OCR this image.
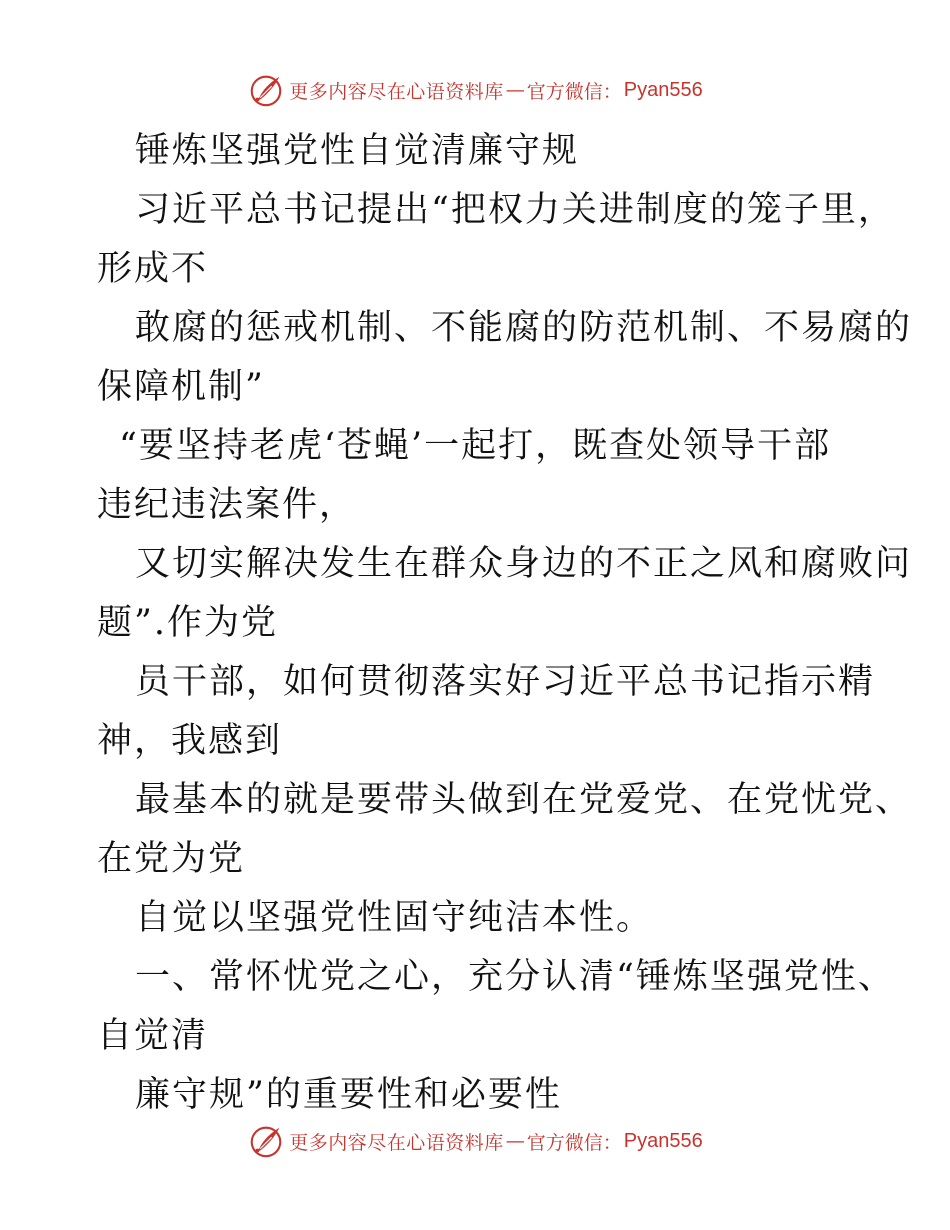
更多内容尽在心语资料库 — 官方微信： Pyan556
锤炼坚强党性自觉清廉守规
习近平总书记提出“把权力关进制度的笼子里，
形成不
敢腐的惩戒机制、不能腐的防范机制、不易腐的
保障机制”
“要坚持老虎‘苍蝇’一起打，既查处领导干部
违纪违法案件，
又切实解决发生在群众身边的不正之风和腐败问
题”.作为党
员干部，如何贯彻落实好习近平总书记指示精
神，我感到
最基本的就是要带头做到在党爱党、在党忧党、
在党为党
自觉以坚强党性固守纯洁本性。
一、常怀忧党之心，充分认清“锤炼坚强党性、
自觉清
廉守规”的重要性和必要性
更多内容尽在心语资料库 — 官方微信： Pyan556
